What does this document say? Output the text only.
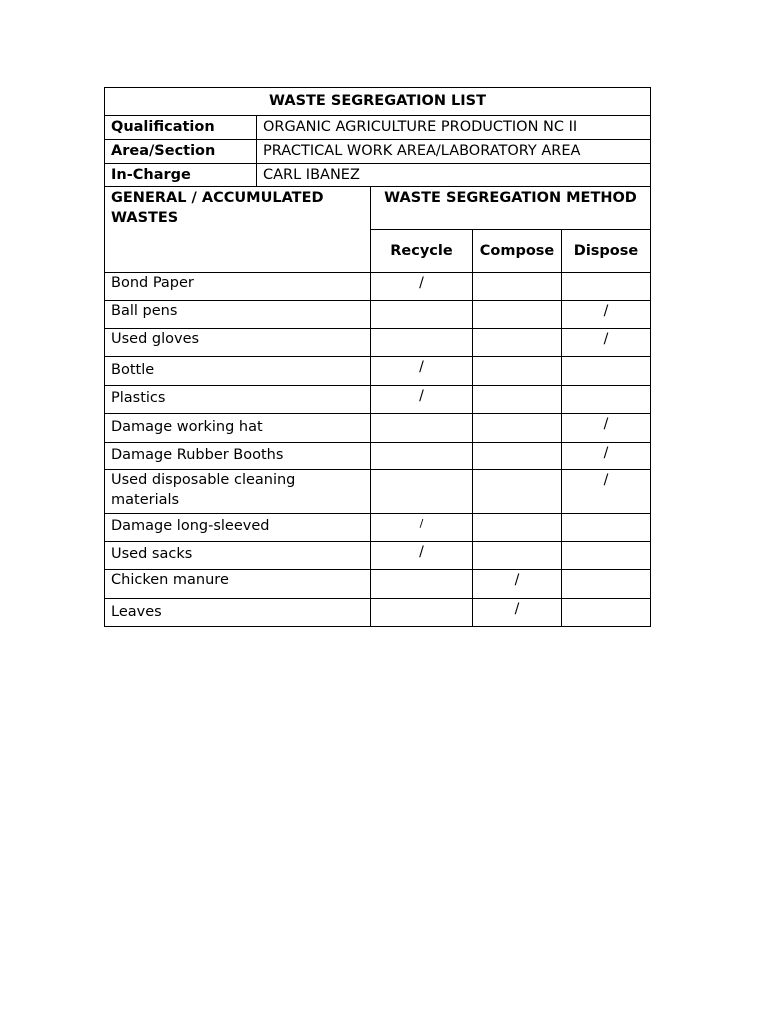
WASTE SEGREGATION LIST				
Qualification	ORGANIC AGRICULTURE PRODUCTION NC II			
Area/Section	PRACTICAL WORK AREA/LABORATORY AREA			
In-Charge	CARL IBANEZ			
GENERAL / ACCUMULATED WASTES		WASTE SEGREGATION METHOD		
		Recycle	Compose	Dispose
Bond Paper		/		
Ball pens				/
Used gloves				/
Bottle		/		
Plastics		/		
Damage working hat				/
Damage Rubber Booths				/
Used disposable cleaning materials				/
Damage long-sleeved		/		
Used sacks		/		
Chicken manure			/	
Leaves			/	
